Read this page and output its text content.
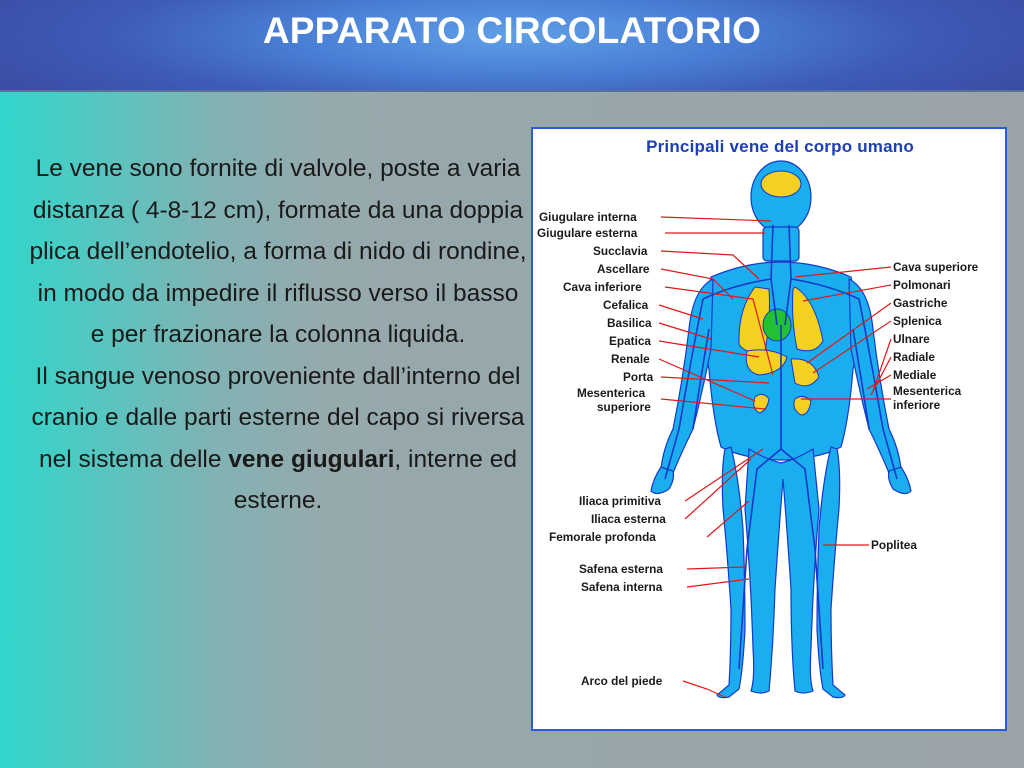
APPARATO CIRCOLATORIO
Le vene sono fornite di valvole, poste a varia distanza ( 4-8-12 cm), formate da una doppia plica dell’endotelio, a forma di nido di rondine, in modo da impedire il riflusso verso il basso e per frazionare la colonna liquida.
Il sangue venoso proveniente dall’interno del cranio e dalle parti esterne del capo si riversa nel sistema delle vene giugulari, interne ed esterne.
Principali vene del corpo umano
Giugulare interna
Giugulare esterna
Succlavia
Ascellare
Cava inferiore
Cefalica
Basilica
Epatica
Renale
Porta
Mesenterica
superiore
Iliaca primitiva
Iliaca esterna
Femorale profonda
Safena esterna
Safena interna
Arco del piede
Cava superiore
Polmonari
Gastriche
Splenica
Ulnare
Radiale
Mediale
Mesenterica
inferiore
Poplitea
